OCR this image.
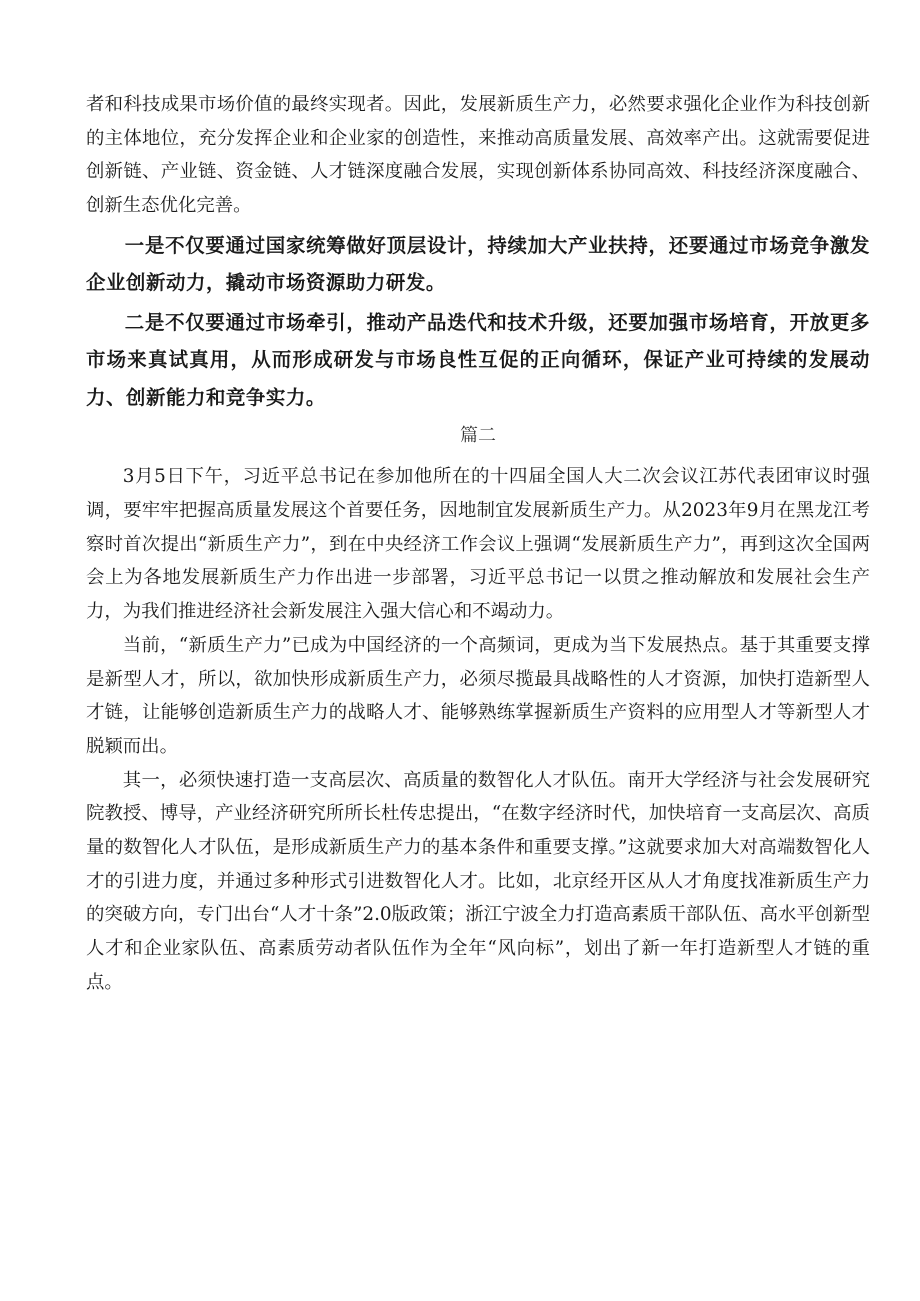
者和科技成果市场价值的最终实现者。因此，发展新质生产力，必然要求强化企业作为科技创新的主体地位，充分发挥企业和企业家的创造性，来推动高质量发展、高效率产出。这就需要促进创新链、产业链、资金链、人才链深度融合发展，实现创新体系协同高效、科技经济深度融合、创新生态优化完善。

一是不仅要通过国家统筹做好顶层设计，持续加大产业扶持，还要通过市场竞争激发企业创新动力，撬动市场资源助力研发。

二是不仅要通过市场牵引，推动产品迭代和技术升级，还要加强市场培育，开放更多市场来真试真用，从而形成研发与市场良性互促的正向循环，保证产业可持续的发展动力、创新能力和竞争实力。

篇二

3月5日下午，习近平总书记在参加他所在的十四届全国人大二次会议江苏代表团审议时强调，要牢牢把握高质量发展这个首要任务，因地制宜发展新质生产力。从2023年9月在黑龙江考察时首次提出“新质生产力”，到在中央经济工作会议上强调“发展新质生产力”，再到这次全国两会上为各地发展新质生产力作出进一步部署，习近平总书记一以贯之推动解放和发展社会生产力，为我们推进经济社会新发展注入强大信心和不竭动力。

当前，“新质生产力”已成为中国经济的一个高频词，更成为当下发展热点。基于其重要支撑是新型人才，所以，欲加快形成新质生产力，必须尽揽最具战略性的人才资源，加快打造新型人才链，让能够创造新质生产力的战略人才、能够熟练掌握新质生产资料的应用型人才等新型人才脱颖而出。

其一，必须快速打造一支高层次、高质量的数智化人才队伍。南开大学经济与社会发展研究院教授、博导，产业经济研究所所长杜传忠提出，“在数字经济时代，加快培育一支高层次、高质量的数智化人才队伍，是形成新质生产力的基本条件和重要支撑。”这就要求加大对高端数智化人才的引进力度，并通过多种形式引进数智化人才。比如，北京经开区从人才角度找准新质生产力的突破方向，专门出台“人才十条”2.0版政策；浙江宁波全力打造高素质干部队伍、高水平创新型人才和企业家队伍、高素质劳动者队伍作为全年“风向标”，划出了新一年打造新型人才链的重点。
